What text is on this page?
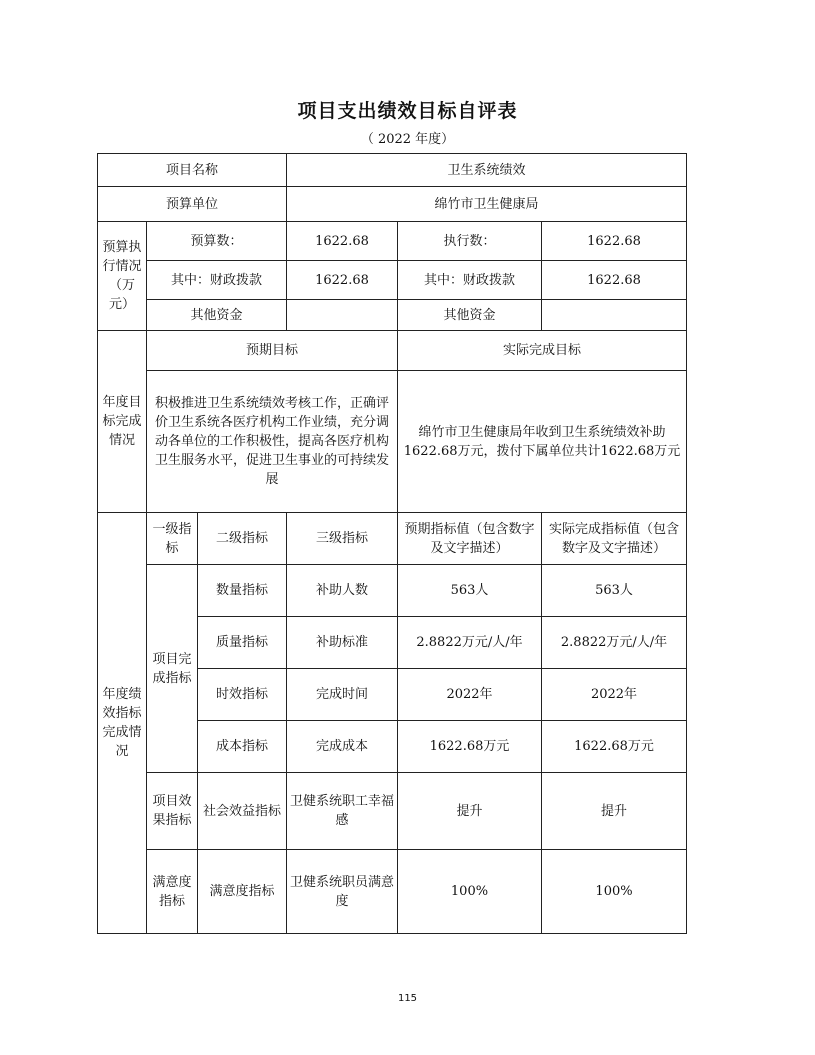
项目支出绩效目标自评表
（ 2022 年度）
项目名称			卫生系统绩效		
预算单位			绵竹市卫生健康局		
预算执行情况（万元）	预算数：		1622.68	执行数：	1622.68
	其中：财政拨款		1622.68	其中：财政拨款	1622.68
	其他资金			其他资金	
年度目标完成情况	预期目标			实际完成目标	
	积极推进卫生系统绩效考核工作，正确评价卫生系统各医疗机构工作业绩，充分调动各单位的工作积极性，提高各医疗机构卫生服务水平，促进卫生事业的可持续发展			绵竹市卫生健康局年收到卫生系统绩效补助1622.68万元，拨付下属单位共计1622.68万元	
年度绩效指标完成情况	一级指标	二级指标	三级指标	预期指标值（包含数字及文字描述）	实际完成指标值（包含数字及文字描述）
	项目完成指标	数量指标	补助人数	563人	563人
		质量指标	补助标准	2.8822万元/人/年	2.8822万元/人/年
		时效指标	完成时间	2022年	2022年
		成本指标	完成成本	1622.68万元	1622.68万元
	项目效果指标	社会效益指标	卫健系统职工幸福感	提升	提升
	满意度指标	满意度指标	卫健系统职员满意度	100%	100%
115
